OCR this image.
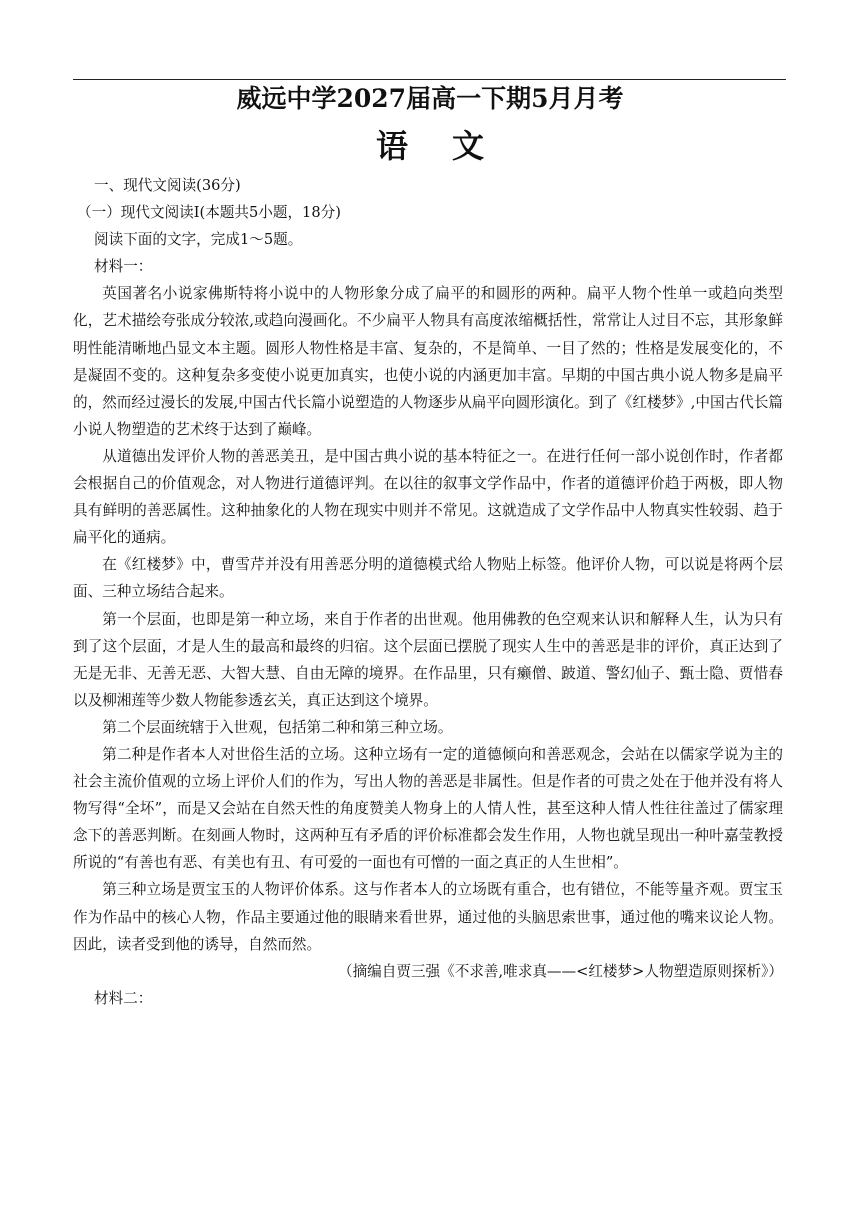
威远中学2027届高一下期5月月考
语 文

一、现代文阅读(36分)

（一）现代文阅读Ⅰ(本题共5小题，18分)

阅读下面的文字，完成1～5题。

材料一：

英国著名小说家佛斯特将小说中的人物形象分成了扁平的和圆形的两种。扁平人物个性单一或趋向类型化，艺术描绘夸张成分较浓,或趋向漫画化。不少扁平人物具有高度浓缩概括性，常常让人过目不忘，其形象鲜明性能清晰地凸显文本主题。圆形人物性格是丰富、复杂的，不是简单、一目了然的；性格是发展变化的，不是凝固不变的。这种复杂多变使小说更加真实，也使小说的内涵更加丰富。早期的中国古典小说人物多是扁平的，然而经过漫长的发展,中国古代长篇小说塑造的人物逐步从扁平向圆形演化。到了《红楼梦》,中国古代长篇小说人物塑造的艺术终于达到了巅峰。

从道德出发评价人物的善恶美丑，是中国古典小说的基本特征之一。在进行任何一部小说创作时，作者都会根据自己的价值观念，对人物进行道德评判。在以往的叙事文学作品中，作者的道德评价趋于两极，即人物具有鲜明的善恶属性。这种抽象化的人物在现实中则并不常见。这就造成了文学作品中人物真实性较弱、趋于扁平化的通病。

在《红楼梦》中，曹雪芹并没有用善恶分明的道德模式给人物贴上标签。他评价人物，可以说是将两个层面、三种立场结合起来。

第一个层面，也即是第一种立场，来自于作者的出世观。他用佛教的色空观来认识和解释人生，认为只有到了这个层面，才是人生的最高和最终的归宿。这个层面已摆脱了现实人生中的善恶是非的评价，真正达到了无是无非、无善无恶、大智大慧、自由无障的境界。在作品里，只有癞僧、跛道、警幻仙子、甄士隐、贾惜春以及柳湘莲等少数人物能参透玄关，真正达到这个境界。

第二个层面统辖于入世观，包括第二种和第三种立场。

第二种是作者本人对世俗生活的立场。这种立场有一定的道德倾向和善恶观念，会站在以儒家学说为主的社会主流价值观的立场上评价人们的作为，写出人物的善恶是非属性。但是作者的可贵之处在于他并没有将人物写得“全坏”，而是又会站在自然天性的角度赞美人物身上的人情人性，甚至这种人情人性往往盖过了儒家理念下的善恶判断。在刻画人物时，这两种互有矛盾的评价标准都会发生作用，人物也就呈现出一种叶嘉莹教授所说的“有善也有恶、有美也有丑、有可爱的一面也有可憎的一面之真正的人生世相”。

第三种立场是贾宝玉的人物评价体系。这与作者本人的立场既有重合，也有错位，不能等量齐观。贾宝玉作为作品中的核心人物，作品主要通过他的眼睛来看世界，通过他的头脑思索世事，通过他的嘴来议论人物。因此，读者受到他的诱导，自然而然。

（摘编自贾三强《不求善,唯求真——<红楼梦>人物塑造原则探析》）

材料二：
